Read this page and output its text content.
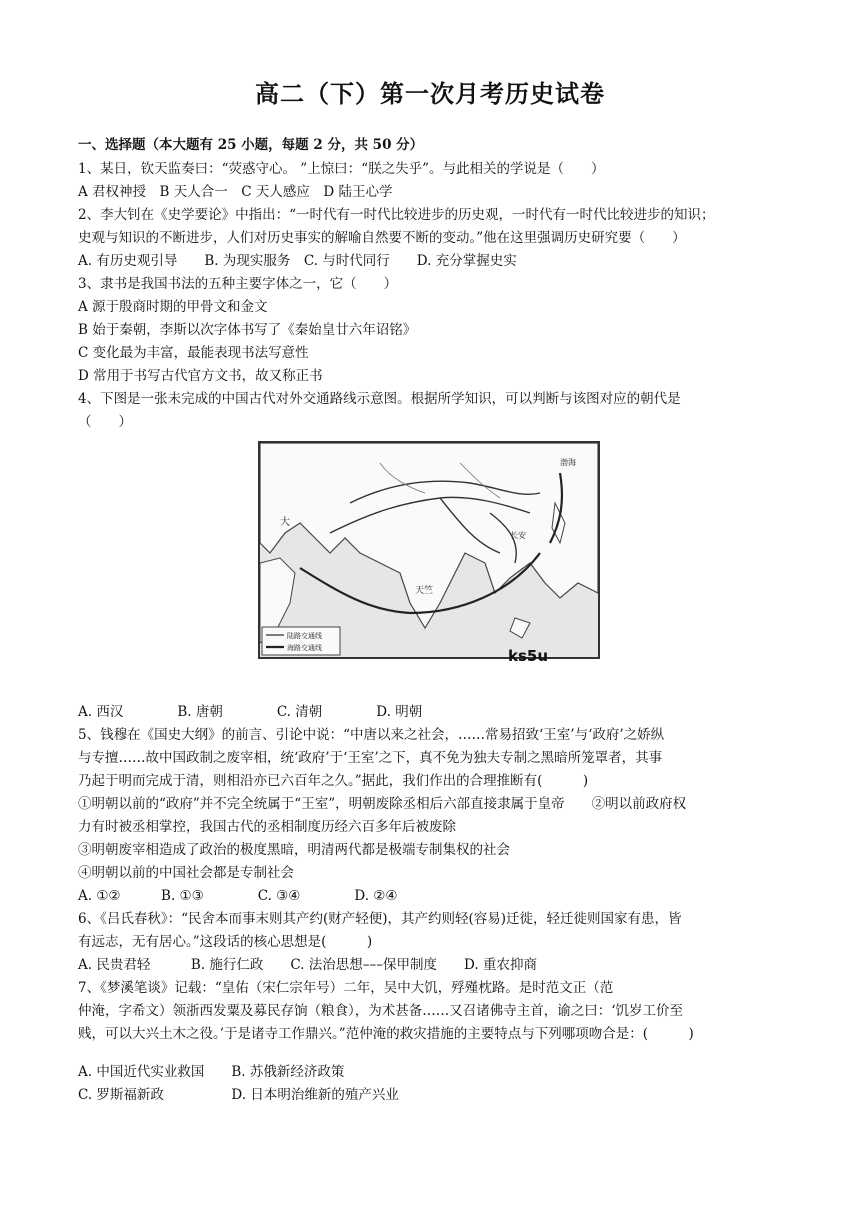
高二（下）第一次月考历史试卷
一、选择题（本大题有 25 小题，每题 2 分，共 50 分）
1、某日，钦天监奏曰：“荧惑守心。 ”上惊曰：“朕之失乎”。与此相关的学说是（　　）
A 君权神授　B 天人合一　C 天人感应　D 陆王心学
2、李大钊在《史学要论》中指出：“一时代有一时代比较进步的历史观，一时代有一时代比较进步的知识；
史观与知识的不断进步，人们对历史事实的解喻自然要不断的变动。”他在这里强调历史研究要（　　）
A. 有历史观引导　　B. 为现实服务　C. 与时代同行　　D. 充分掌握史实
3、隶书是我国书法的五种主要字体之一，它（　　）
A 源于殷商时期的甲骨文和金文
B 始于秦朝，李斯以次字体书写了《秦始皇廿六年诏铭》
C 变化最为丰富，最能表现书法写意性
D 常用于书写古代官方文书，故又称正书
4、下图是一张未完成的中国古代对外交通路线示意图。根据所学知识，可以判断与该图对应的朝代是
（　　）
陆路交通线
海路交通线
大
天竺
长安
渤海
ks5u
A. 西汉　　　　B. 唐朝　　　　C. 清朝　　　　D. 明朝
5、钱穆在《国史大纲》的前言、引论中说：“中唐以来之社会，……常易招致‘王室’与‘政府’之娇纵
与专擅……故中国政制之废宰相，统‘政府’于‘王室’之下，真不免为独夫专制之黑暗所笼罩者，其事
乃起于明而完成于清，则相沿亦已六百年之久。”据此，我们作出的合理推断有(　　　)
①明朝以前的“政府”并不完全统属于“王室”，明朝废除丞相后六部直接隶属于皇帝　　②明以前政府权
力有时被丞相掌控，我国古代的丞相制度历经六百多年后被废除
③明朝废宰相造成了政治的极度黑暗，明清两代都是极端专制集权的社会
④明朝以前的中国社会都是专制社会
A. ①②　　　B. ①③　　　　C. ③④　　　　D. ②④
6、《吕氏春秋》：“民舍本而事末则其产约(财产轻便)，其产约则轻(容易)迁徙，轻迁徙则国家有患，皆
有远志，无有居心。”这段话的核心思想是(　　　)
A. 民贵君轻　　　B. 施行仁政　　C. 法治思想–––保甲制度　　D. 重农抑商
7、《梦溪笔谈》记载：“皇佑（宋仁宗年号）二年，吴中大饥，殍殣枕路。是时范文正（范
仲淹，字希文）领浙西发粟及募民存饷（粮食），为术甚备……又召诸佛寺主首，谕之曰：‘饥岁工价至
贱，可以大兴土木之役。’于是诸寺工作鼎兴。”范仲淹的救灾措施的主要特点与下列哪项吻合是：(　　　)
A. 中国近代实业救国　　B. 苏俄新经济政策
C. 罗斯福新政　　　　　D. 日本明治维新的殖产兴业
